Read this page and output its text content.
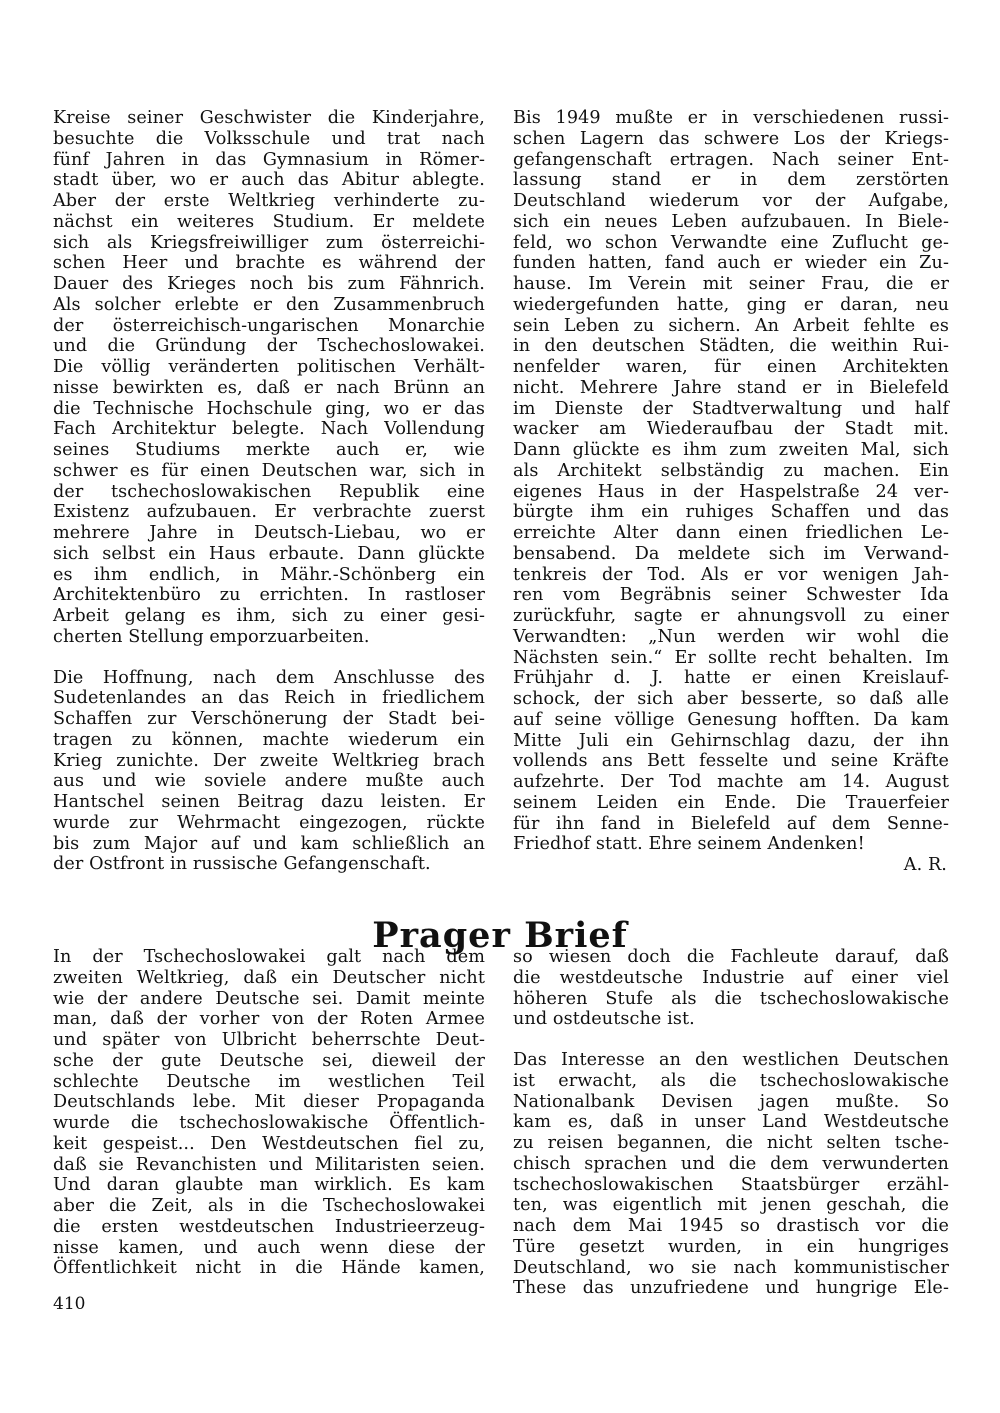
Kreise seiner Geschwister die Kinderjahre,
besuchte die Volksschule und trat nach
fünf Jahren in das Gymnasium in Römer-
stadt über, wo er auch das Abitur ablegte.
Aber der erste Weltkrieg verhinderte zu-
nächst ein weiteres Studium. Er meldete
sich als Kriegsfreiwilliger zum österreichi-
schen Heer und brachte es während der
Dauer des Krieges noch bis zum Fähnrich.
Als solcher erlebte er den Zusammenbruch
der österreichisch-ungarischen Monarchie
und die Gründung der Tschechoslowakei.
Die völlig veränderten politischen Verhält-
nisse bewirkten es, daß er nach Brünn an
die Technische Hochschule ging, wo er das
Fach Architektur belegte. Nach Vollendung
seines Studiums merkte auch er, wie
schwer es für einen Deutschen war, sich in
der tschechoslowakischen Republik eine
Existenz aufzubauen. Er verbrachte zuerst
mehrere Jahre in Deutsch-Liebau, wo er
sich selbst ein Haus erbaute. Dann glückte
es ihm endlich, in Mähr.-Schönberg ein
Architektenbüro zu errichten. In rastloser
Arbeit gelang es ihm, sich zu einer gesi-
cherten Stellung emporzuarbeiten.

Die Hoffnung, nach dem Anschlusse des
Sudetenlandes an das Reich in friedlichem
Schaffen zur Verschönerung der Stadt bei-
tragen zu können, machte wiederum ein
Krieg zunichte. Der zweite Weltkrieg brach
aus und wie soviele andere mußte auch
Hantschel seinen Beitrag dazu leisten. Er
wurde zur Wehrmacht eingezogen, rückte
bis zum Major auf und kam schließlich an
der Ostfront in russische Gefangenschaft.

Bis 1949 mußte er in verschiedenen russi-
schen Lagern das schwere Los der Kriegs-
gefangenschaft ertragen. Nach seiner Ent-
lassung stand er in dem zerstörten
Deutschland wiederum vor der Aufgabe,
sich ein neues Leben aufzubauen. In Biele-
feld, wo schon Verwandte eine Zuflucht ge-
funden hatten, fand auch er wieder ein Zu-
hause. Im Verein mit seiner Frau, die er
wiedergefunden hatte, ging er daran, neu
sein Leben zu sichern. An Arbeit fehlte es
in den deutschen Städten, die weithin Rui-
nenfelder waren, für einen Architekten
nicht. Mehrere Jahre stand er in Bielefeld
im Dienste der Stadtverwaltung und half
wacker am Wiederaufbau der Stadt mit.
Dann glückte es ihm zum zweiten Mal, sich
als Architekt selbständig zu machen. Ein
eigenes Haus in der Haspelstraße 24 ver-
bürgte ihm ein ruhiges Schaffen und das
erreichte Alter dann einen friedlichen Le-
bensabend. Da meldete sich im Verwand-
tenkreis der Tod. Als er vor wenigen Jah-
ren vom Begräbnis seiner Schwester Ida
zurückfuhr, sagte er ahnungsvoll zu einer
Verwandten: „Nun werden wir wohl die
Nächsten sein.“ Er sollte recht behalten. Im
Frühjahr d. J. hatte er einen Kreislauf-
schock, der sich aber besserte, so daß alle
auf seine völlige Genesung hofften. Da kam
Mitte Juli ein Gehirnschlag dazu, der ihn
vollends ans Bett fesselte und seine Kräfte
aufzehrte. Der Tod machte am 14. August
seinem Leiden ein Ende. Die Trauerfeier
für ihn fand in Bielefeld auf dem Senne-
Friedhof statt. Ehre seinem Andenken!

A. R.
Prager Brief

In der Tschechoslowakei galt nach dem
zweiten Weltkrieg, daß ein Deutscher nicht
wie der andere Deutsche sei. Damit meinte
man, daß der vorher von der Roten Armee
und später von Ulbricht beherrschte Deut-
sche der gute Deutsche sei, dieweil der
schlechte Deutsche im westlichen Teil
Deutschlands lebe. Mit dieser Propaganda
wurde die tschechoslowakische Öffentlich-
keit gespeist... Den Westdeutschen fiel zu,
daß sie Revanchisten und Militaristen seien.
Und daran glaubte man wirklich. Es kam
aber die Zeit, als in die Tschechoslowakei
die ersten westdeutschen Industrieerzeug-
nisse kamen, und auch wenn diese der
Öffentlichkeit nicht in die Hände kamen,

so wiesen doch die Fachleute darauf, daß
die westdeutsche Industrie auf einer viel
höheren Stufe als die tschechoslowakische
und ostdeutsche ist.

Das Interesse an den westlichen Deutschen
ist erwacht, als die tschechoslowakische
Nationalbank Devisen jagen mußte. So
kam es, daß in unser Land Westdeutsche
zu reisen begannen, die nicht selten tsche-
chisch sprachen und die dem verwunderten
tschechoslowakischen Staatsbürger erzähl-
ten, was eigentlich mit jenen geschah, die
nach dem Mai 1945 so drastisch vor die
Türe gesetzt wurden, in ein hungriges
Deutschland, wo sie nach kommunistischer
These das unzufriedene und hungrige Ele-

410
